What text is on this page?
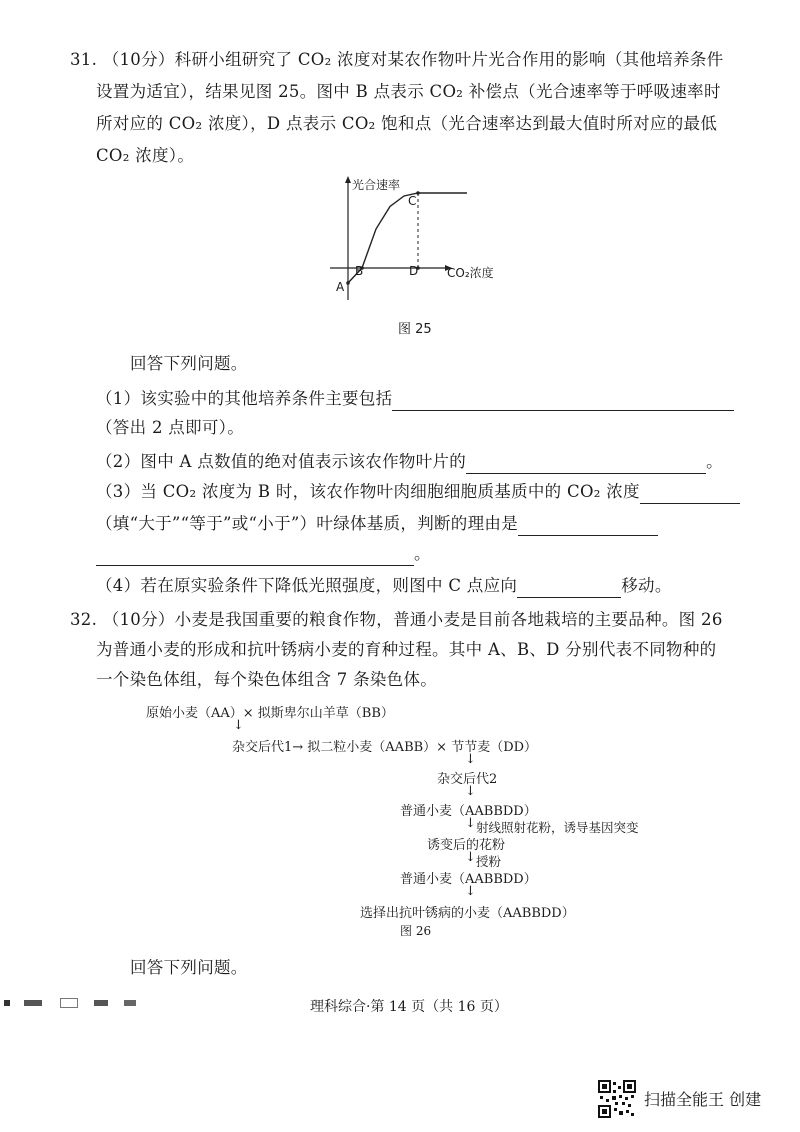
31. （10分）科研小组研究了 CO₂ 浓度对某农作物叶片光合作用的影响（其他培养条件
设置为适宜），结果见图 25。图中 B 点表示 CO₂ 补偿点（光合速率等于呼吸速率时
所对应的 CO₂ 浓度），D 点表示 CO₂ 饱和点（光合速率达到最大值时所对应的最低
CO₂ 浓度）。
光合速率
CO₂浓度
A
B
C
D
图 25
回答下列问题。
（1）该实验中的其他培养条件主要包括
（答出 2 点即可）。
（2）图中 A 点数值的绝对值表示该农作物叶片的	。
（3）当 CO₂ 浓度为 B 时，该农作物叶肉细胞细胞质基质中的 CO₂ 浓度
（填“大于”“等于”或“小于”）叶绿体基质，判断的理由是
。
（4）若在原实验条件下降低光照强度，则图中 C 点应向	移动。
32. （10分）小麦是我国重要的粮食作物，普通小麦是目前各地栽培的主要品种。图 26
为普通小麦的形成和抗叶锈病小麦的育种过程。其中 A、B、D 分别代表不同物种的
一个染色体组，每个染色体组含 7 条染色体。
原始小麦（AA）× 拟斯卑尔山羊草（BB）
↓
杂交后代1→ 拟二粒小麦（AABB）× 节节麦（DD）
↓
杂交后代2
↓
普通小麦（AABBDD）
↓ 射线照射花粉，诱导基因突变
诱变后的花粉
↓ 授粉
普通小麦（AABBDD）
↓
选择出抗叶锈病的小麦（AABBDD）
图 26
回答下列问题。
理科综合·第 14 页（共 16 页）
扫描全能王 创建
